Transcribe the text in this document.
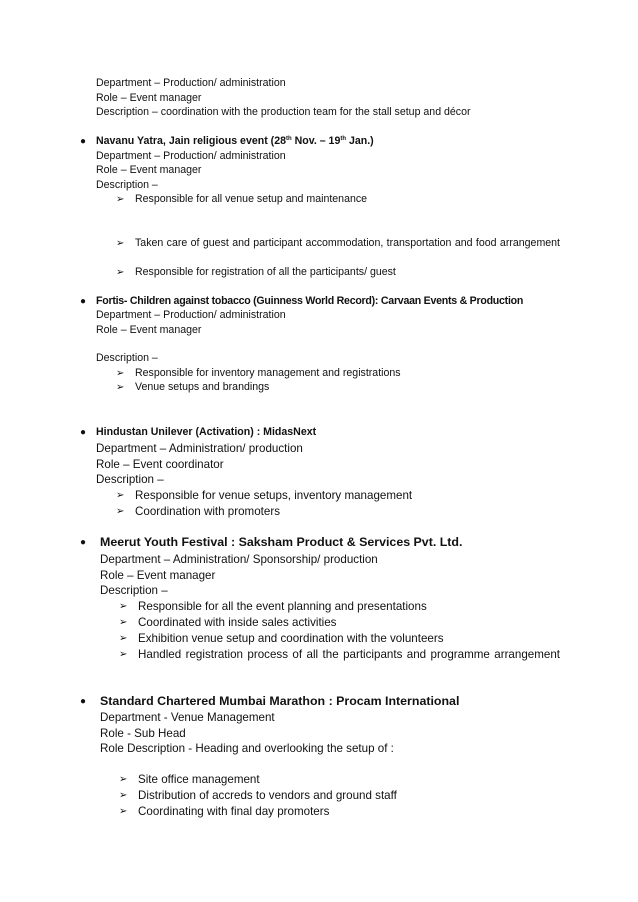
Department – Production/ administration
Role – Event manager
Description – coordination with the production team for the stall setup and décor
● Navanu Yatra, Jain religious event (28th Nov. – 19th Jan.)
Department – Production/ administration
Role – Event manager
Description –
➢ Responsible for all venue setup and maintenance
➢ Taken care of guest and participant accommodation, transportation and food arrangement
➢ Responsible for registration of all the participants/ guest
● Fortis- Children against tobacco (Guinness World Record): Carvaan Events & Production
Department – Production/ administration
Role – Event manager
Description –
➢ Responsible for inventory management and registrations
➢ Venue setups and brandings
● Hindustan Unilever (Activation) : MidasNext
Department – Administration/ production
Role – Event coordinator
Description –
➢ Responsible for venue setups, inventory management
➢ Coordination with promoters
● Meerut Youth Festival : Saksham Product & Services Pvt. Ltd.
Department – Administration/ Sponsorship/ production
Role – Event manager
Description –
➢ Responsible for all the event planning and presentations
➢ Coordinated with inside sales activities
➢ Exhibition venue setup and coordination with the volunteers
➢ Handled registration process of all the participants and programme arrangement
● Standard Chartered Mumbai Marathon : Procam International
Department - Venue Management
Role - Sub Head
Role Description - Heading and overlooking the setup of :
➢ Site office management
➢ Distribution of accreds to vendors and ground staff
➢ Coordinating with final day promoters
